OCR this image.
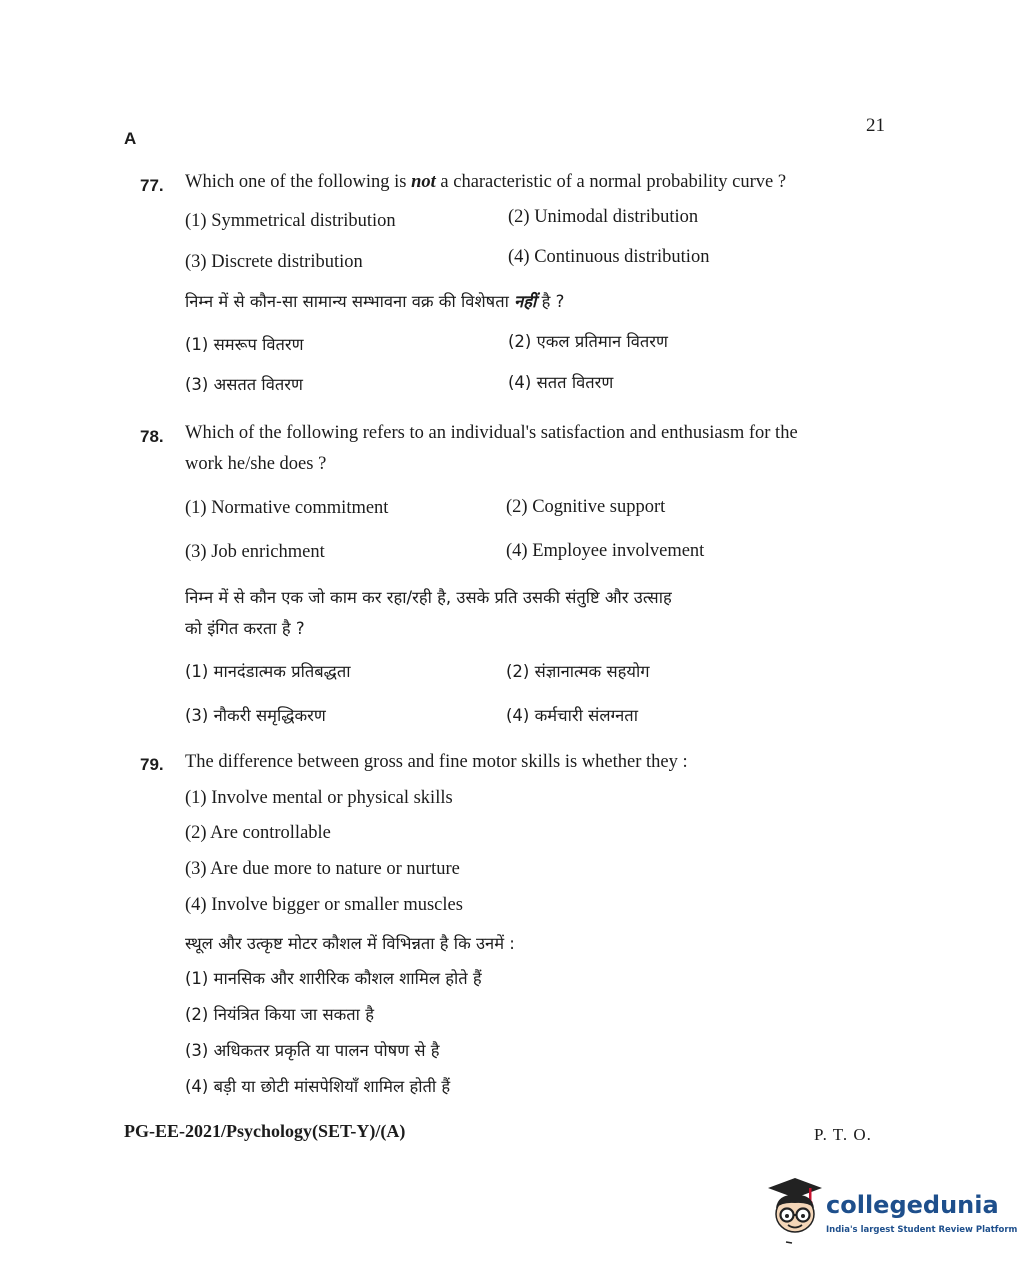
A
21
77. Which one of the following is not a characteristic of a normal probability curve ?
(1) Symmetrical distribution	(2) Unimodal distribution
(3) Discrete distribution	(4) Continuous distribution
निम्न में से कौन-सा सामान्य सम्भावना वक्र की विशेषता नहीं है ?
(1) समरूप वितरण	(2) एकल प्रतिमान वितरण
(3) असतत वितरण	(4) सतत वितरण
78. Which of the following refers to an individual's satisfaction and enthusiasm for the
work he/she does ?
(1) Normative commitment	(2) Cognitive support
(3) Job enrichment	(4) Employee involvement
निम्न में से कौन एक जो काम कर रहा/रही है, उसके प्रति उसकी संतुष्टि और उत्साह
को इंगित करता है ?
(1) मानदंडात्मक प्रतिबद्धता	(2) संज्ञानात्मक सहयोग
(3) नौकरी समृद्धिकरण	(4) कर्मचारी संलग्नता
79. The difference between gross and fine motor skills is whether they :
(1) Involve mental or physical skills
(2) Are controllable
(3) Are due more to nature or nurture
(4) Involve bigger or smaller muscles
स्थूल और उत्कृष्ट मोटर कौशल में विभिन्नता है कि उनमें :
(1) मानसिक और शारीरिक कौशल शामिल होते हैं
(2) नियंत्रित किया जा सकता है
(3) अधिकतर प्रकृति या पालन पोषण से है
(4) बड़ी या छोटी मांसपेशियाँ शामिल होती हैं
PG-EE-2021/Psychology(SET-Y)/(A)	P. T. O.
collegedunia
India's largest Student Review Platform
